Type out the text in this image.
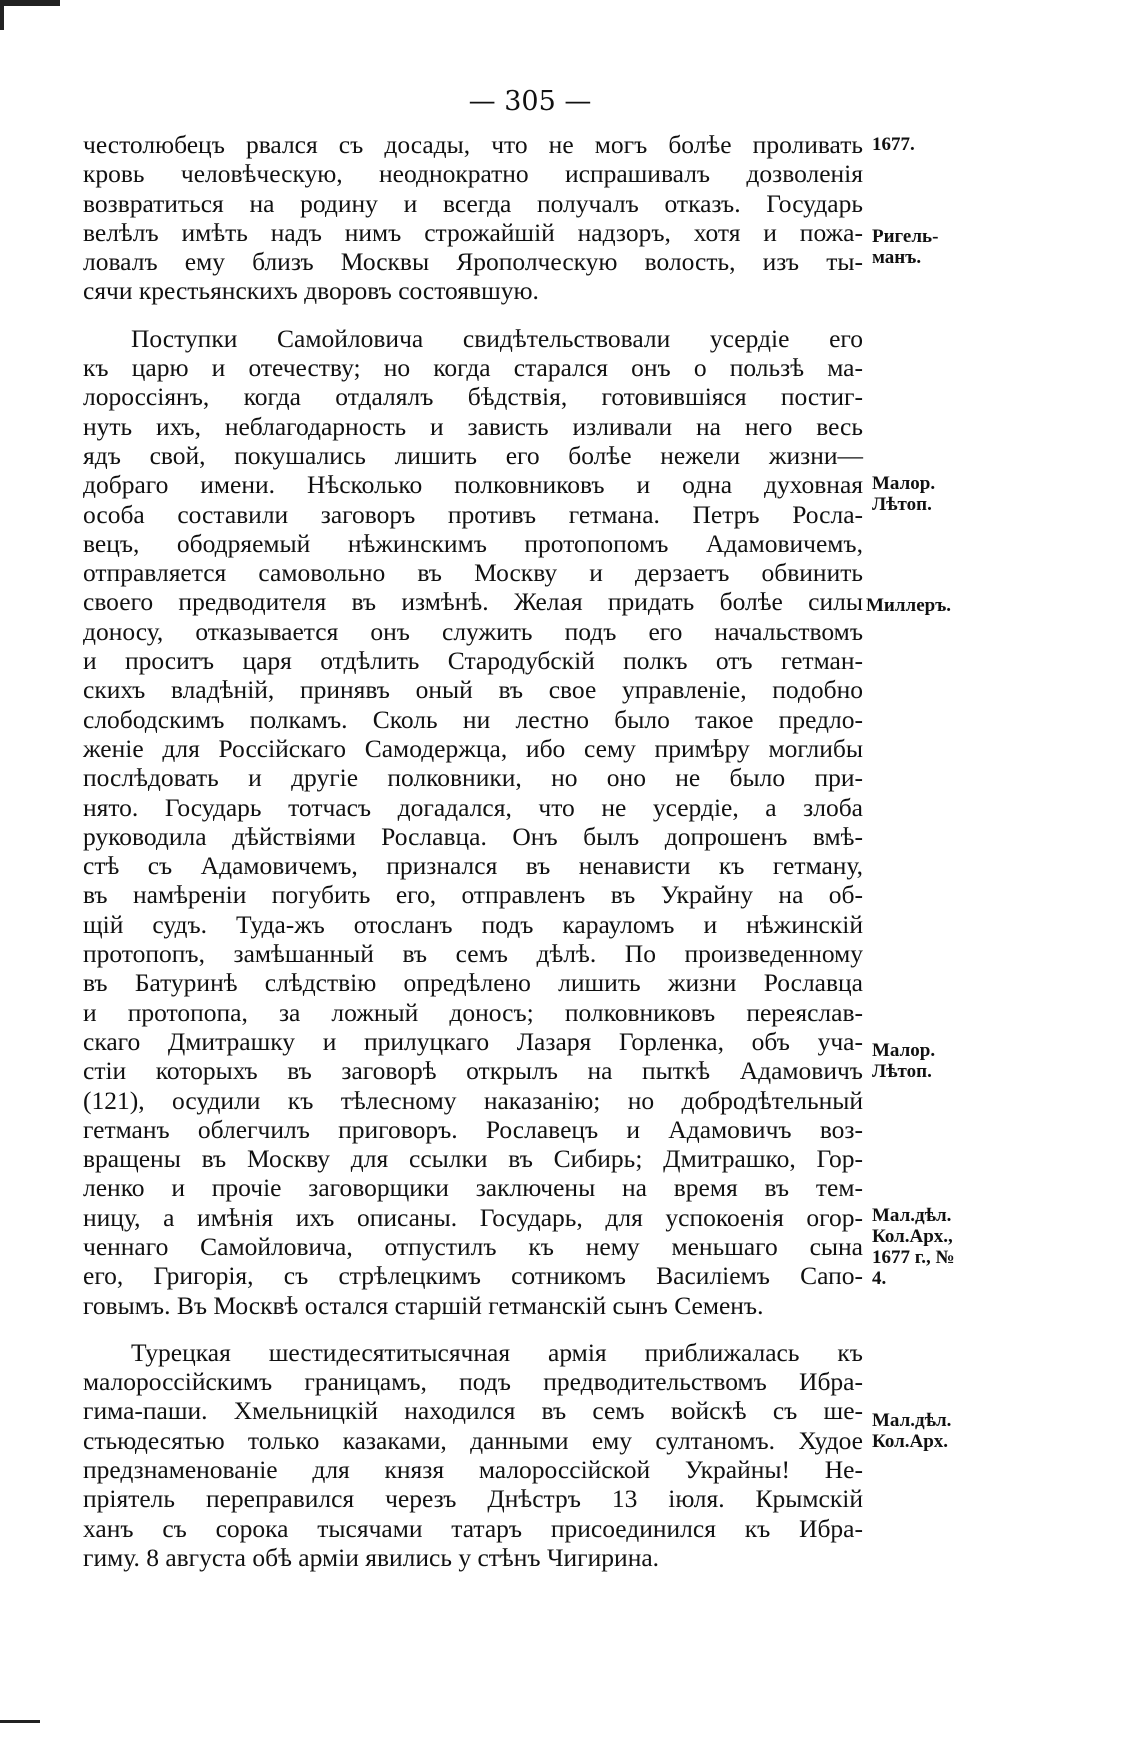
— 305 —

честолюбецъ рвался съ досады, что не могъ болѣе проливать
кровь человѣческую, неоднократно испрашивалъ дозволенія
возвратиться на родину и всегда получалъ отказъ. Государь
велѣлъ имѣть надъ нимъ строжайшій надзоръ, хотя и пожа-
ловалъ ему близъ Москвы Ярополческую волость, изъ ты-
сячи крестьянскихъ дворовъ состоявшую.

Поступки Самойловича свидѣтельствовали усердіе его
къ царю и отечеству; но когда старался онъ о пользѣ ма-
лороссіянъ, когда отдалялъ бѣдствія, готовившіяся постиг-
нуть ихъ, неблагодарность и зависть изливали на него весь
ядъ свой, покушались лишить его болѣе нежели жизни—
добраго имени. Нѣсколько полковниковъ и одна духовная
особа составили заговоръ противъ гетмана. Петръ Росла-
вецъ, ободряемый нѣжинскимъ протопопомъ Адамовичемъ,
отправляется самовольно въ Москву и дерзаетъ обвинить
своего предводителя въ измѣнѣ. Желая придать болѣе силы
доносу, отказывается онъ служить подъ его начальствомъ
и проситъ царя отдѣлить Стародубскій полкъ отъ гетман-
скихъ владѣній, принявъ оный въ свое управленіе, подобно
слободскимъ полкамъ. Сколь ни лестно было такое предло-
женіе для Россійскаго Самодержца, ибо сему примѣру моглибы
послѣдовать и другіе полковники, но оно не было при-
нято. Государь тотчасъ догадался, что не усердіе, а злоба
руководила дѣйствіями Рославца. Онъ былъ допрошенъ вмѣ-
стѣ съ Адамовичемъ, признался въ ненависти къ гетману,
въ намѣреніи погубить его, отправленъ въ Украйну на об-
щій судъ. Туда-жъ отосланъ подъ карауломъ и нѣжинскій
протопопъ, замѣшанный въ семъ дѣлѣ. По произведенному
въ Батуринѣ слѣдствію опредѣлено лишить жизни Рославца
и протопопа, за ложный доносъ; полковниковъ переяслав-
скаго Дмитрашку и прилуцкаго Лазаря Горленка, объ уча-
стіи которыхъ въ заговорѣ открылъ на пыткѣ Адамовичъ
(121), осудили къ тѣлесному наказанію; но добродѣтельный
гетманъ облегчилъ приговоръ. Рославецъ и Адамовичъ воз-
вращены въ Москву для ссылки въ Сибирь; Дмитрашко, Гор-
ленко и прочіе заговорщики заключены на время въ тем-
ницу, а имѣнія ихъ описаны. Государь, для успокоенія огор-
ченнаго Самойловича, отпустилъ къ нему меньшаго сына
его, Григорія, съ стрѣлецкимъ сотникомъ Василіемъ Сапо-
говымъ. Въ Москвѣ остался старшій гетманскій сынъ Семенъ.

Турецкая шестидесятитысячная армія приближалась къ
малороссійскимъ границамъ, подъ предводительствомъ Ибра-
гима-паши. Хмельницкій находился въ семъ войскѣ съ ше-
стьюдесятью только казаками, данными ему султаномъ. Худое
предзнаменованіе для князя малороссійской Украйны! Не-
пріятель переправился черезъ Днѣстръ 13 іюля. Крымскій
ханъ съ сорока тысячами татаръ присоединился къ Ибра-
гиму. 8 августа обѣ арміи явились у стѣнъ Чигирина.

1677.
Ригель-манъ.
Малор. Лѣтоп.
Миллеръ.
Малор. Лѣтоп.
Мал.дѣл. Кол.Арх., 1677 г., № 4.
Мал.дѣл. Кол.Арх.
